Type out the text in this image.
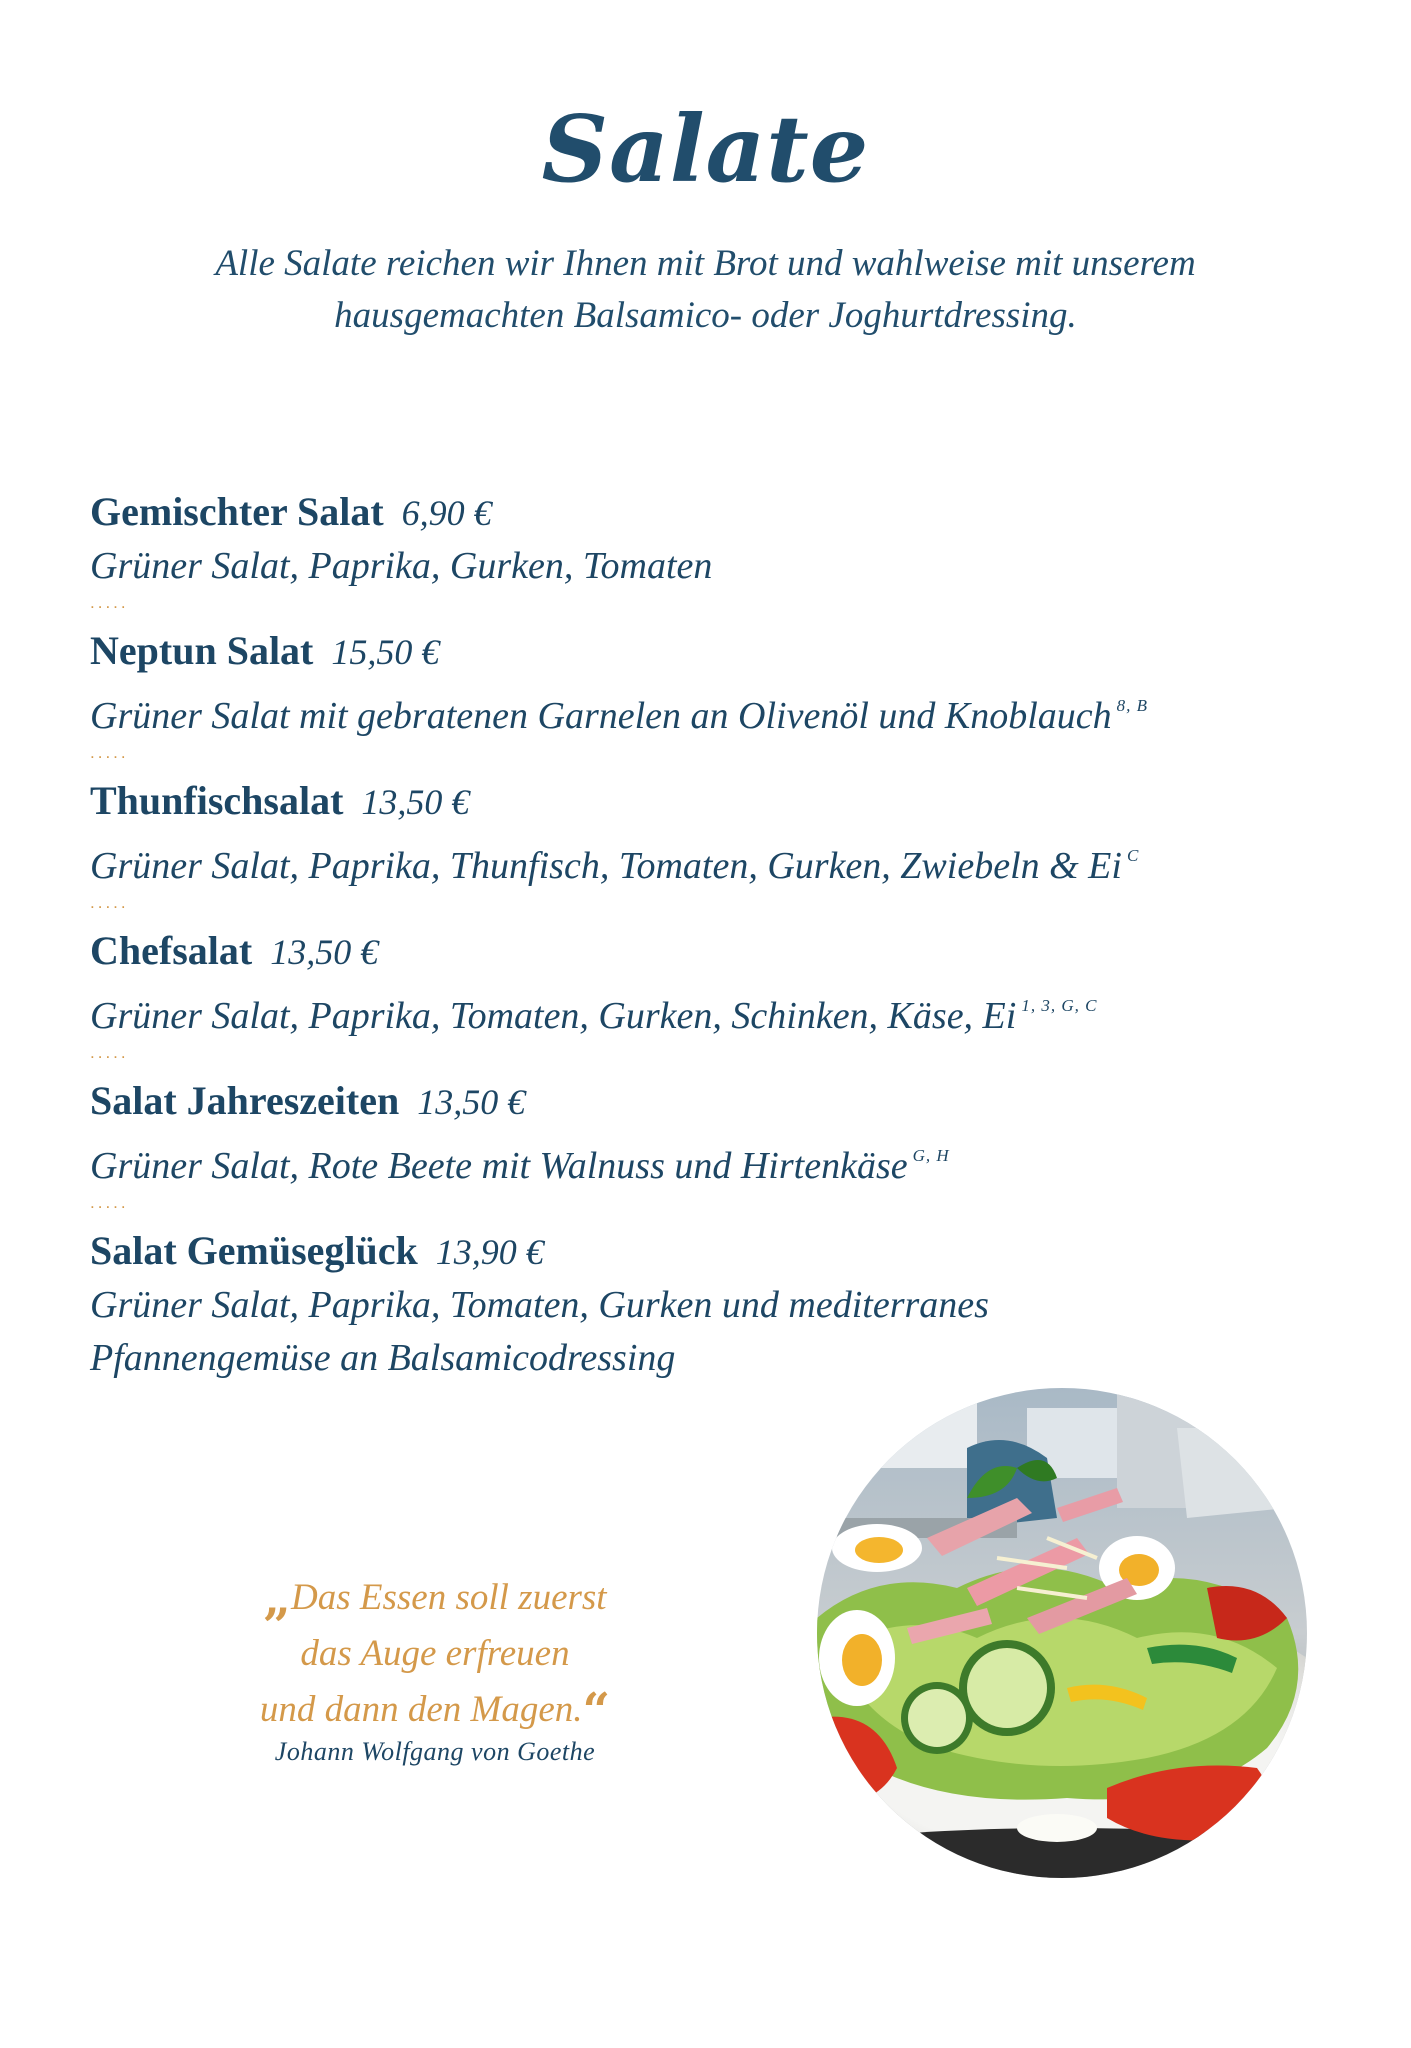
Salate
Alle Salate reichen wir Ihnen mit Brot und wahlweise mit unserem
hausgemachten Balsamico- oder Joghurtdressing.
Gemischter Salat 6,90 €
Grüner Salat, Paprika, Gurken, Tomaten
.....
Neptun Salat 15,50 €
Grüner Salat mit gebratenen Garnelen an Olivenöl und Knoblauch $^{8, B}$
.....
Thunfischsalat 13,50 €
Grüner Salat, Paprika, Thunfisch, Tomaten, Gurken, Zwiebeln & Ei $^C$
.....
Chefsalat 13,50 €
Grüner Salat, Paprika, Tomaten, Gurken, Schinken, Käse, Ei $^{1, 3, G, C}$
.....
Salat Jahreszeiten 13,50 €
Grüner Salat, Rote Beete mit Walnuss und Hirtenkäse $^{G, H}$
.....
Salat Gemüseglück 13,90 €
Grüner Salat, Paprika, Tomaten, Gurken und mediterranes
Pfannengemüse an Balsamicodressing
„Das Essen soll zuerst
das Auge erfreuen
und dann den Magen.“
Johann Wolfgang von Goethe
